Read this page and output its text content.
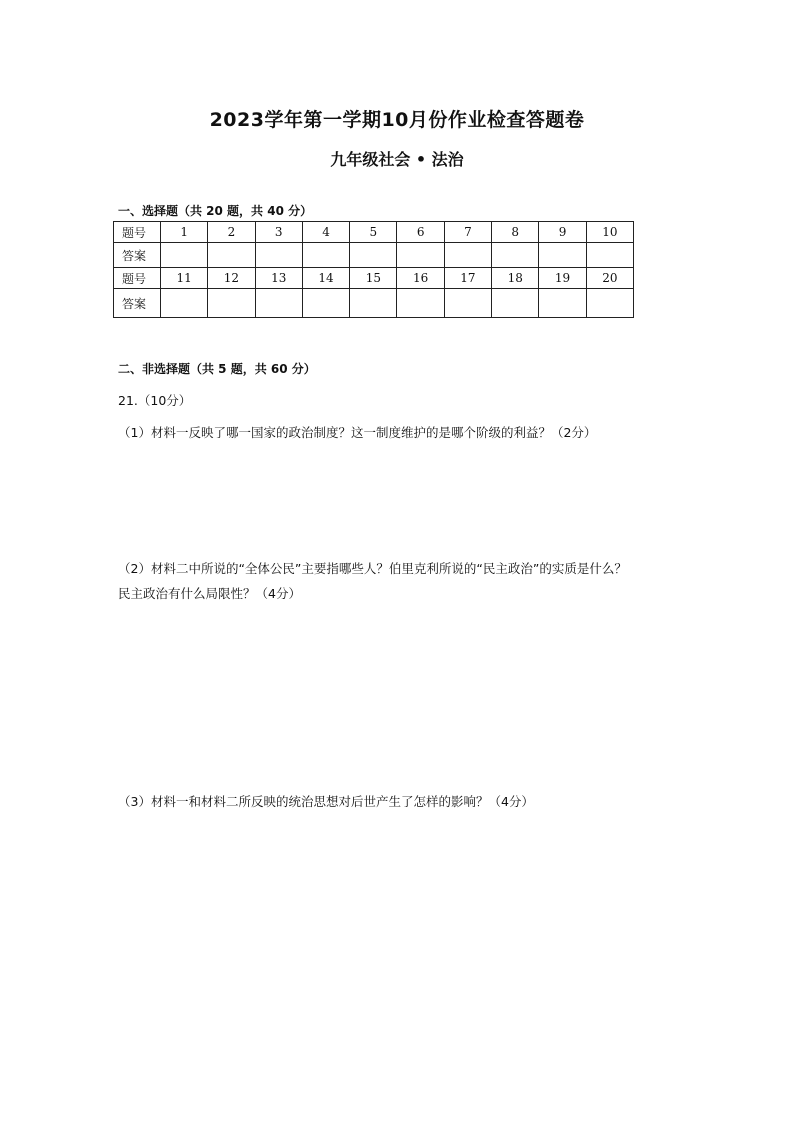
2023学年第一学期10月份作业检查答题卷
九年级社会 • 法治
一、选择题（共 20 题，共 40 分）
题号	1	2	3	4	5	6	7	8	9	10
答案										
题号	11	12	13	14	15	16	17	18	19	20
答案										
二、非选择题（共 5 题，共 60 分）
21.（10分）
（1）材料一反映了哪一国家的政治制度？这一制度维护的是哪个阶级的利益？（2分）
（2）材料二中所说的“全体公民”主要指哪些人？伯里克利所说的“民主政治”的实质是什么？
民主政治有什么局限性？（4分）
（3）材料一和材料二所反映的统治思想对后世产生了怎样的影响？（4分）
